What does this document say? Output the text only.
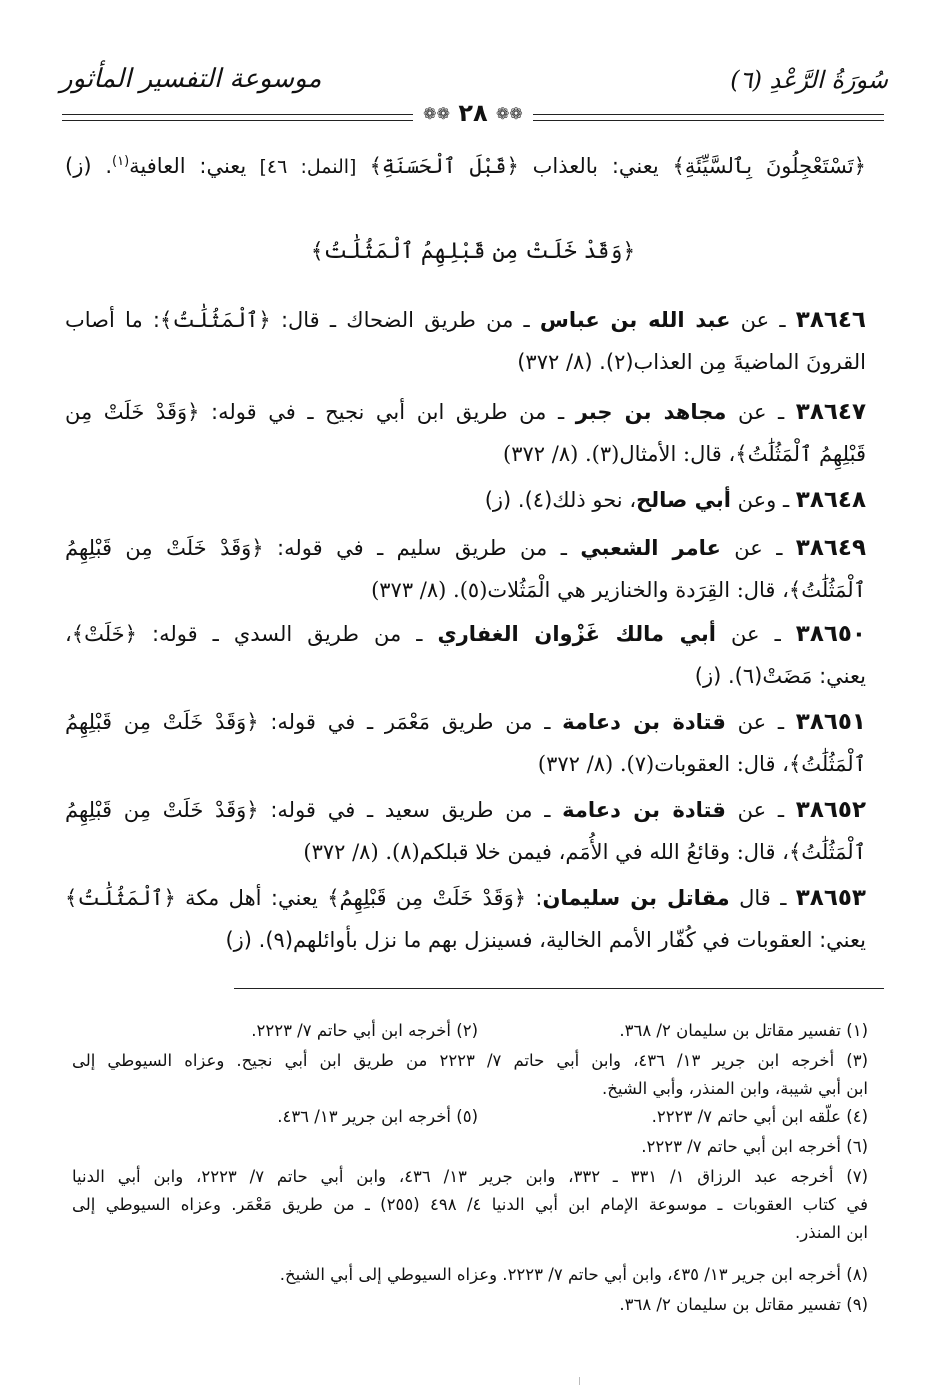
سُورَةُ الرَّعْدِ (٦)
موسوعة التفسير المأثور
❁❁ ٢٨ ❁❁
﴿تَسْتَعْجِلُونَ بِٱلسَّيِّئَةِ﴾ يعني: بالعذاب ﴿قَبْلَ ٱلْحَسَنَةِ﴾ [النمل: ٤٦] يعني: العافية$^{(١)}$. (ز)
﴿وَقَدْ خَلَتْ مِن قَبْلِهِمُ ٱلْمَثُلَٰتُ﴾
٣٨٦٤٦ ـ عن عبد الله بن عباس ـ من طريق الضحاك ـ قال: ﴿ٱلْمَثُلَٰتُ﴾: ما أصاب
القرونَ الماضيةَ مِن العذاب(٢). (٨/ ٣٧٢)
٣٨٦٤٧ ـ عن مجاهد بن جبر ـ من طريق ابن أبي نجيح ـ في قوله: ﴿وَقَدْ خَلَتْ مِن
قَبْلِهِمُ ٱلْمَثُلَٰتُ﴾، قال: الأمثال(٣). (٨/ ٣٧٢)
٣٨٦٤٨ ـ وعن أبي صالح، نحو ذلك(٤). (ز)
٣٨٦٤٩ ـ عن عامر الشعبي ـ من طريق سليم ـ في قوله: ﴿وَقَدْ خَلَتْ مِن قَبْلِهِمُ
ٱلْمَثُلَٰتُ﴾، قال: القِرَدة والخنازير هي الْمَثُلات(٥). (٨/ ٣٧٣)
٣٨٦٥٠ ـ عن أبي مالك غَزْوان الغفاري ـ من طريق السدي ـ قوله: ﴿خَلَتْ﴾،
يعني: مَضَتْ(٦). (ز)
٣٨٦٥١ ـ عن قتادة بن دعامة ـ من طريق مَعْمَر ـ في قوله: ﴿وَقَدْ خَلَتْ مِن قَبْلِهِمُ
ٱلْمَثُلَٰتُ﴾، قال: العقوبات(٧). (٨/ ٣٧٢)
٣٨٦٥٢ ـ عن قتادة بن دعامة ـ من طريق سعيد ـ في قوله: ﴿وَقَدْ خَلَتْ مِن قَبْلِهِمُ
ٱلْمَثُلَٰتُ﴾، قال: وقائعُ الله في الأُمَم، فيمن خلا قبلكم(٨). (٨/ ٣٧٢)
٣٨٦٥٣ ـ قال مقاتل بن سليمان: ﴿وَقَدْ خَلَتْ مِن قَبْلِهِمُ﴾ يعني: أهل مكة ﴿ٱلْمَثُلَٰتُ﴾
يعني: العقوبات في كُفّار الأمم الخالية، فسينزل بهم ما نزل بأوائلهم(٩). (ز)
(١) تفسير مقاتل بن سليمان ٢/ ٣٦٨.
(٢) أخرجه ابن أبي حاتم ٧/ ٢٢٢٣.
(٣) أخرجه ابن جرير ١٣/ ٤٣٦، وابن أبي حاتم ٧/ ٢٢٢٣ من طريق ابن أبي نجيح. وعزاه السيوطي إلى
ابن أبي شيبة، وابن المنذر، وأبي الشيخ.
(٤) علّقه ابن أبي حاتم ٧/ ٢٢٢٣.
(٥) أخرجه ابن جرير ١٣/ ٤٣٦.
(٦) أخرجه ابن أبي حاتم ٧/ ٢٢٢٣.
(٧) أخرجه عبد الرزاق ١/ ٣٣١ ـ ٣٣٢، وابن جرير ١٣/ ٤٣٦، وابن أبي حاتم ٧/ ٢٢٢٣، وابن أبي الدنيا
في كتاب العقوبات ـ موسوعة الإمام ابن أبي الدنيا ٤/ ٤٩٨ (٢٥٥) ـ من طريق مَعْمَر. وعزاه السيوطي إلى
ابن المنذر.
(٨) أخرجه ابن جرير ١٣/ ٤٣٥، وابن أبي حاتم ٧/ ٢٢٢٣. وعزاه السيوطي إلى أبي الشيخ.
(٩) تفسير مقاتل بن سليمان ٢/ ٣٦٨.
